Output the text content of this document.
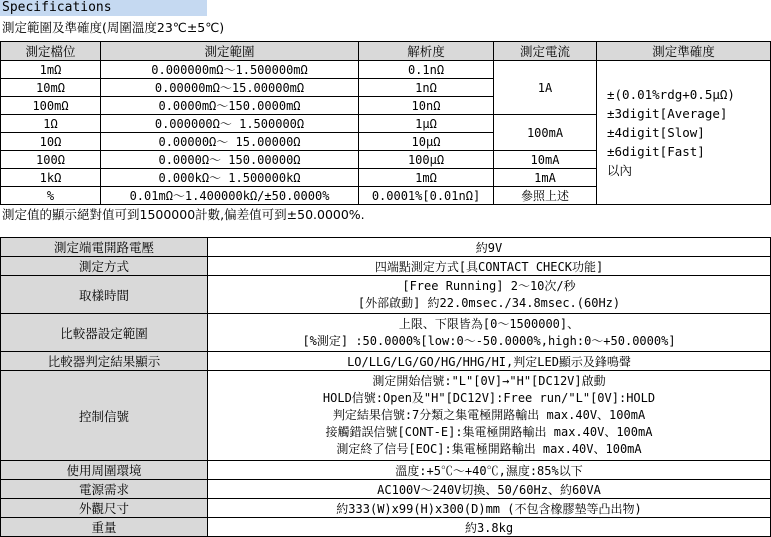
Specifications
測定範圍及準確度(周圍溫度23℃±5℃)
測定檔位	測定範圍	解析度	測定電流	測定準確度
1mΩ	0.000000mΩ～1.500000mΩ	0.1nΩ	1A	±(0.01%rdg+0.5μΩ)
±3digit[Average]
±4digit[Slow]
±6digit[Fast]
以內

10mΩ	0.00000mΩ～15.00000mΩ	1nΩ		
100mΩ	0.0000mΩ～150.0000mΩ	10nΩ		
1Ω	0.000000Ω～ 1.500000Ω	1μΩ	100mA	
10Ω	0.00000Ω～ 15.00000Ω	10μΩ		
100Ω	0.0000Ω～ 150.00000Ω	100μΩ	10mA	
1kΩ	0.000kΩ～ 1.500000kΩ	1mΩ	1mA	
%	0.01mΩ～1.400000kΩ/±50.0000%	0.0001%[0.01nΩ]	參照上述	
測定值的顯示絕對值可到1500000計數,偏差值可到±50.0000%.
測定端電開路電壓	約9V
測定方式	四端點測定方式[具CONTACT CHECK功能]
取樣時間	[Free Running] 2～10次/秒
[外部啟動] 約22.0msec./34.8msec.(60Hz)

比較器設定範圍	上限、下限皆為[0～1500000]、
[%測定] :50.0000%[low:0～-50.0000%,high:0～+50.0000%]

比較器判定結果顯示	LO/LLG/LG/GO/HG/HHG/HI,判定LED顯示及鋒鳴聲
控制信號	測定開始信號:"L"[0V]→"H"[DC12V]啟動
HOLD信號:Open及"H"[DC12V]:Free run/"L"[0V]:HOLD
判定結果信號:7分類之集電極開路輸出 max.40V、100mA
接觸錯誤信號[CONT-E]:集電極開路輸出 max.40V、100mA
測定終了信号[EOC]:集電極開路輸出 max.40V、100mA

使用周圍環境	溫度:+5℃～+40℃,濕度:85%以下
電源需求	AC100V～240V切換、50/60Hz、約60VA
外觀尺寸	約333(W)x99(H)x300(D)mm (不包含橡膠墊等凸出物)
重量	約3.8kg
